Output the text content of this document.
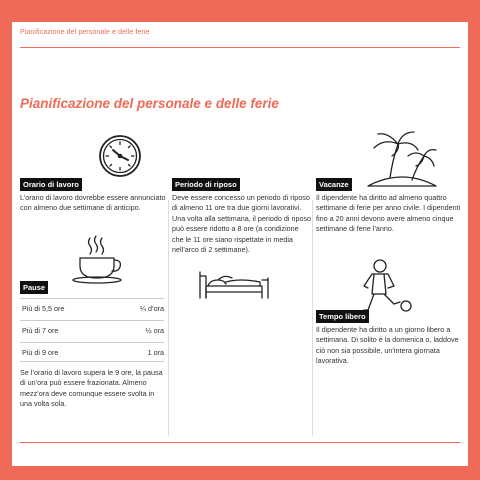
Pianificazione del personale e delle ferie
Pianificazione del personale e delle ferie
Orario di lavoro
L’orario di lavoro dovrebbe essere annunciato con almeno due settimane di anticipo.
Pause
Più di 5,5 ore	¼ d’ora
Più di 7 ore	½ ora
Più di 9 ore	1 ora
Se l’orario di lavoro supera le 9 ore, la pausa di un’ora può essere frazionata. Almeno mezz’ora deve comunque essere svolta in una volta sola.
Periodo di riposo
Deve essere concesso un periodo di riposo di almeno 11 ore tra due giorni lavorativi. Una volta alla settimana, il periodo di riposo può essere ridotto a 8 ore (a condizione che le 11 ore siano rispettate in media nell’arco di 2 settimane).
Vacanze
Il dipendente ha diritto ad almeno quattro settimane di ferie per anno civile. I dipendenti fino a 20 anni devono avere almeno cinque settimane di ferie l’anno.
Tempo libero
Il dipendente ha diritto a un giorno libero a settimana. Di solito è la domenica o, laddove ciò non sia possibile, un’intera giornata lavorativa.
